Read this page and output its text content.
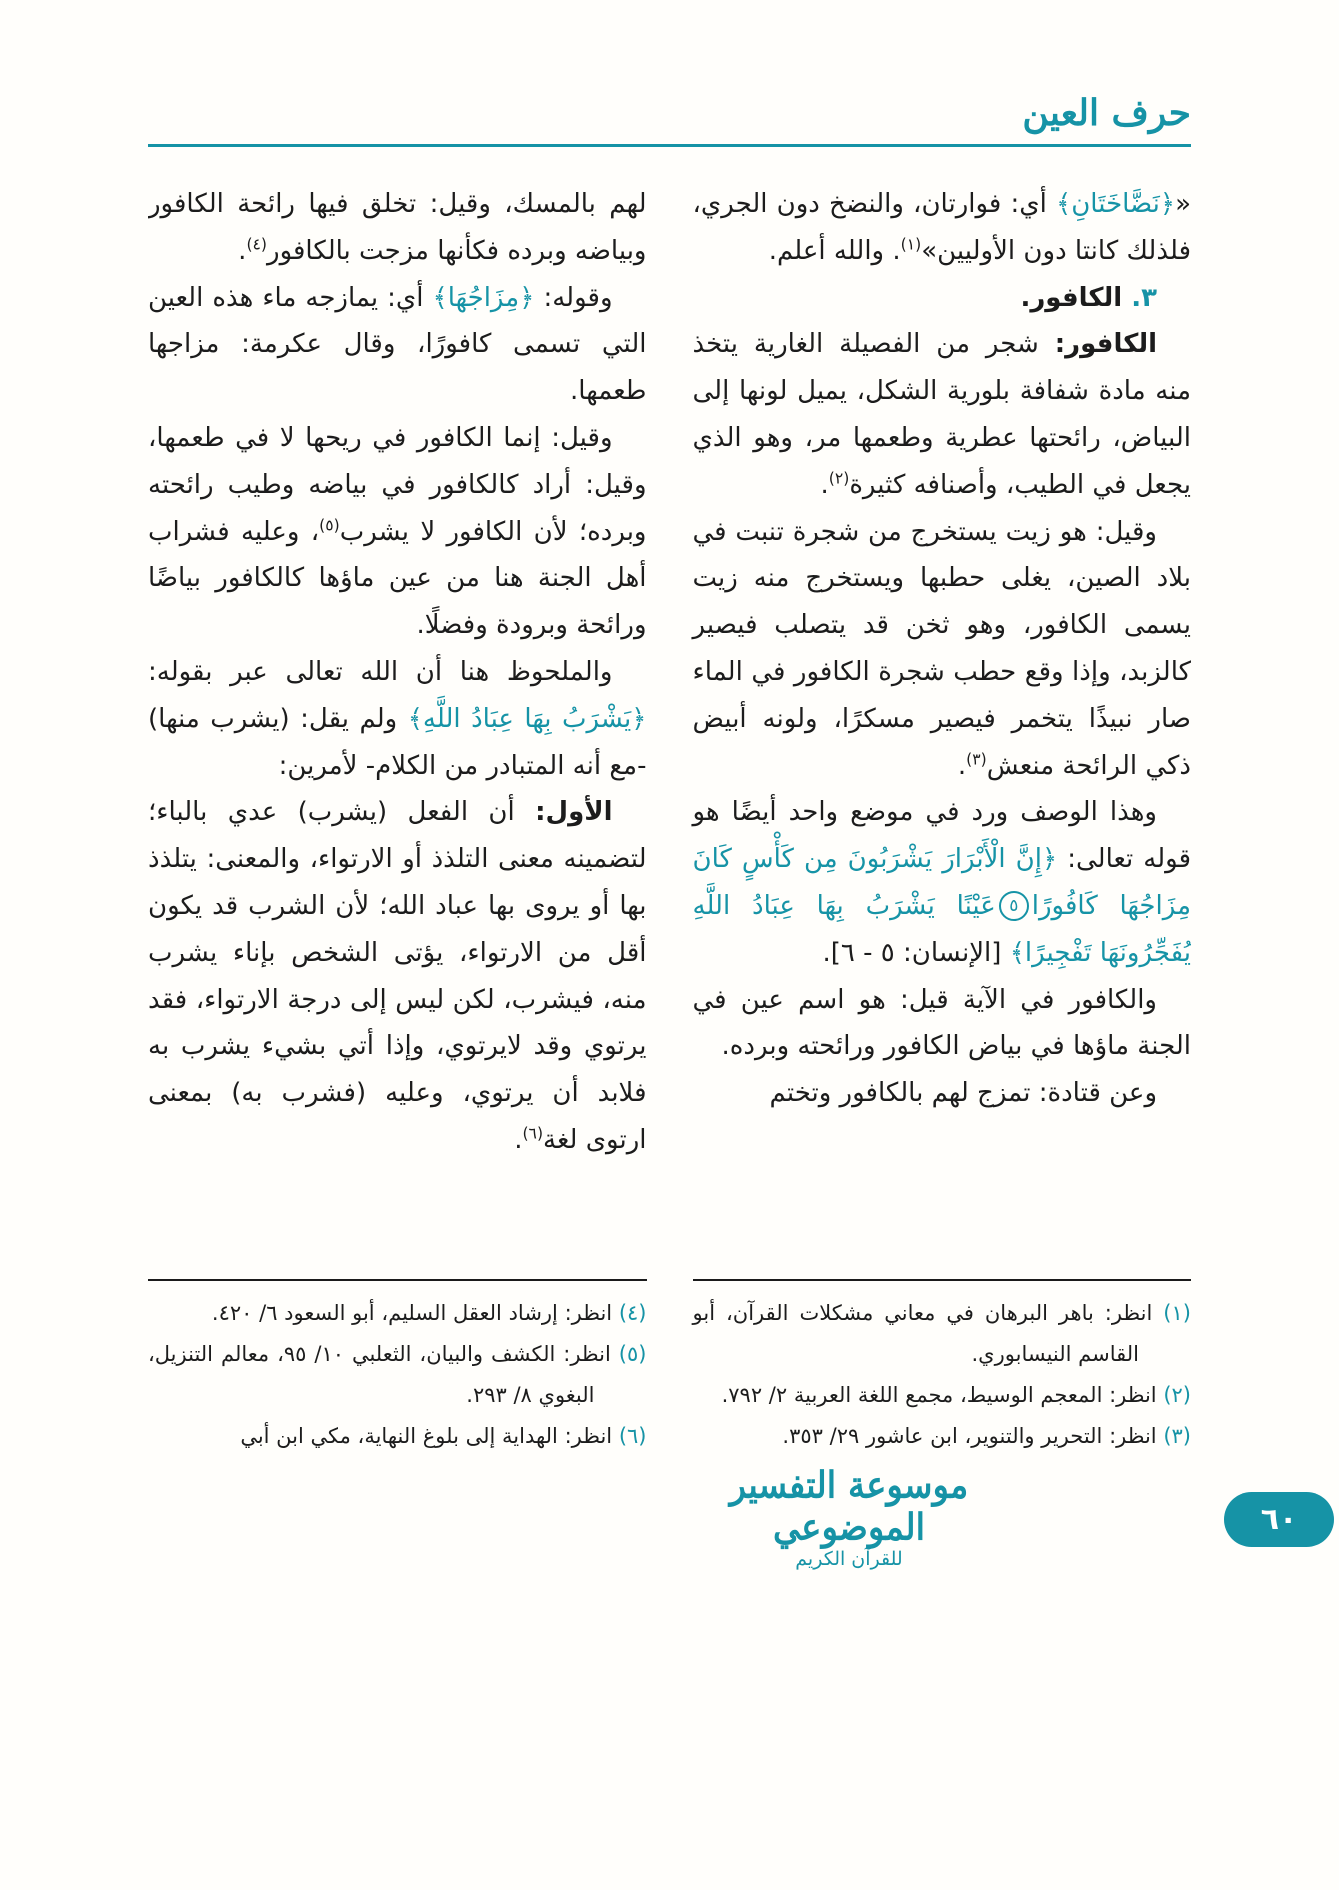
حرف العين

«﴿نَضَّاخَتَانِ﴾ أي: فوارتان، والنضخ دون الجري، فلذلك كانتا دون الأوليين»$^{(١)}$. والله أعلم.

٣. الكافور.

الكافور: شجر من الفصيلة الغارية يتخذ منه مادة شفافة بلورية الشكل، يميل لونها إلى البياض، رائحتها عطرية وطعمها مر، وهو الذي يجعل في الطيب، وأصنافه كثيرة$^{(٢)}$.

وقيل: هو زيت يستخرج من شجرة تنبت في بلاد الصين، يغلى حطبها ويستخرج منه زيت يسمى الكافور، وهو ثخن قد يتصلب فيصير كالزبد، وإذا وقع حطب شجرة الكافور في الماء صار نبيذًا يتخمر فيصير مسكرًا، ولونه أبيض ذكي الرائحة منعش$^{(٣)}$.

وهذا الوصف ورد في موضع واحد أيضًا هو قوله تعالى: ﴿إِنَّ الْأَبْرَارَ يَشْرَبُونَ مِن كَأْسٍ كَانَ مِزَاجُهَا كَافُورًا٥عَيْنًا يَشْرَبُ بِهَا عِبَادُ اللَّهِ يُفَجِّرُونَهَا تَفْجِيرًا﴾ [الإنسان: ٥ - ٦].

والكافور في الآية قيل: هو اسم عين في الجنة ماؤها في بياض الكافور ورائحته وبرده.

وعن قتادة: تمزج لهم بالكافور وتختم

لهم بالمسك، وقيل: تخلق فيها رائحة الكافور وبياضه وبرده فكأنها مزجت بالكافور$^{(٤)}$.

وقوله: ﴿مِزَاجُهَا﴾ أي: يمازجه ماء هذه العين التي تسمى كافورًا، وقال عكرمة: مزاجها طعمها.

وقيل: إنما الكافور في ريحها لا في طعمها، وقيل: أراد كالكافور في بياضه وطيب رائحته وبرده؛ لأن الكافور لا يشرب$^{(٥)}$، وعليه فشراب أهل الجنة هنا من عين ماؤها كالكافور بياضًا ورائحة وبرودة وفضلًا.

والملحوظ هنا أن الله تعالى عبر بقوله: ﴿يَشْرَبُ بِهَا عِبَادُ اللَّهِ﴾ ولم يقل: (يشرب منها) -مع أنه المتبادر من الكلام- لأمرين:

الأول: أن الفعل (يشرب) عدي بالباء؛ لتضمينه معنى التلذذ أو الارتواء، والمعنى: يتلذذ بها أو يروى بها عباد الله؛ لأن الشرب قد يكون أقل من الارتواء، يؤتى الشخص بإناء يشرب منه، فيشرب، لكن ليس إلى درجة الارتواء، فقد يرتوي وقد لايرتوي، وإذا أتي بشيء يشرب به فلابد أن يرتوي، وعليه (فشرب به) بمعنى ارتوى لغة$^{(٦)}$.

(١) انظر: باهر البرهان في معاني مشكلات القرآن، أبو القاسم النيسابوري.

(٢) انظر: المعجم الوسيط، مجمع اللغة العربية ٢/ ٧٩٢.

(٣) انظر: التحرير والتنوير، ابن عاشور ٢٩/ ٣٥٣.

(٤) انظر: إرشاد العقل السليم، أبو السعود ٦/ ٤٢٠.

(٥) انظر: الكشف والبيان، الثعلبي ١٠/ ٩٥، معالم التنزيل، البغوي ٨/ ٢٩٣.

(٦) انظر: الهداية إلى بلوغ النهاية، مكي ابن أبي

موسوعة التفسير الموضوعي
للقرآن الكريم
٦٠
